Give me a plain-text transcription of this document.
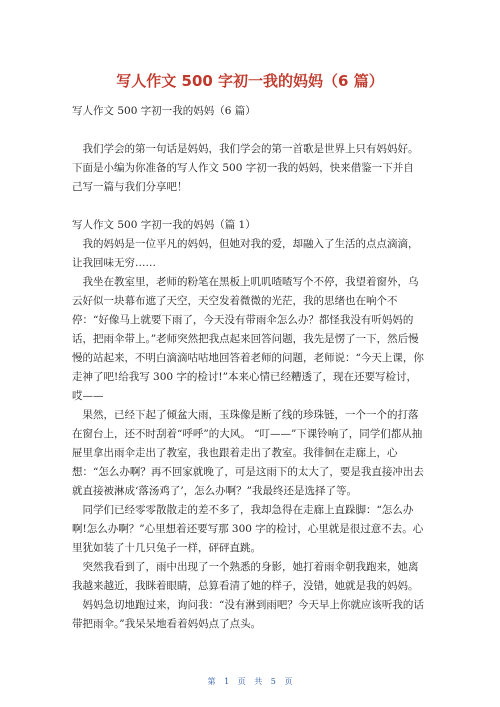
写人作文 500 字初一我的妈妈（6 篇）
写人作文 500 字初一我的妈妈（6 篇）

我们学会的第一句话是妈妈，我们学会的第一首歌是世界上只有妈妈好。下面是小编为你准备的写人作文 500 字初一我的妈妈，快来借鉴一下并自己写一篇与我们分享吧！

写人作文 500 字初一我的妈妈（篇 1）

我的妈妈是一位平凡的妈妈，但她对我的爱，却融入了生活的点点滴滴，让我回味无穷……

我坐在教室里，老师的粉笔在黑板上叽叽喳喳写个不停，我望着窗外，乌云好似一块幕布遮了天空，天空发着微微的光茫，我的思绪也在响个不停：“好像马上就要下雨了，今天没有带雨伞怎么办？都怪我没有听妈妈的话，把雨伞带上。”老师突然把我点起来回答问题，我先是愣了一下，然后慢慢的站起来，不明白滴滴咕咕地回答着老师的问题，老师说：“今天上课，你走神了吧!给我写 300 字的检讨!”本来心情已经糟透了，现在还要写检讨，哎——

果然，已经下起了倾盆大雨，玉珠像是断了线的珍珠链，一个一个的打落在窗台上，还不时刮着“呼呼”的大风。 “叮——”下课铃响了，同学们都从抽屉里拿出雨伞走出了教室，我也跟着走出了教室。我徘徊在走廊上，心想：“怎么办啊？再不回家就晚了，可是这雨下的太大了，要是我直接冲出去就直接被淋成‘落汤鸡了’，怎么办啊？”我最终还是选择了等。

同学们已经零零散散走的差不多了，我却急得在走廊上直跺脚：“怎么办啊!怎么办啊？”心里想着还要写那 300 字的检讨，心里就是很过意不去。心里犹如装了十几只兔子一样，砰砰直跳。

突然我看到了，雨中出现了一个熟悉的身影，她打着雨伞朝我跑来，她离我越来越近，我眯着眼睛，总算看清了她的样子，没错，她就是我的妈妈。

妈妈急切地跑过来，询问我：“没有淋到雨吧？今天早上你就应该听我的话带把雨伞。”我呆呆地看着妈妈点了点头。

第 1 页 共 5 页
